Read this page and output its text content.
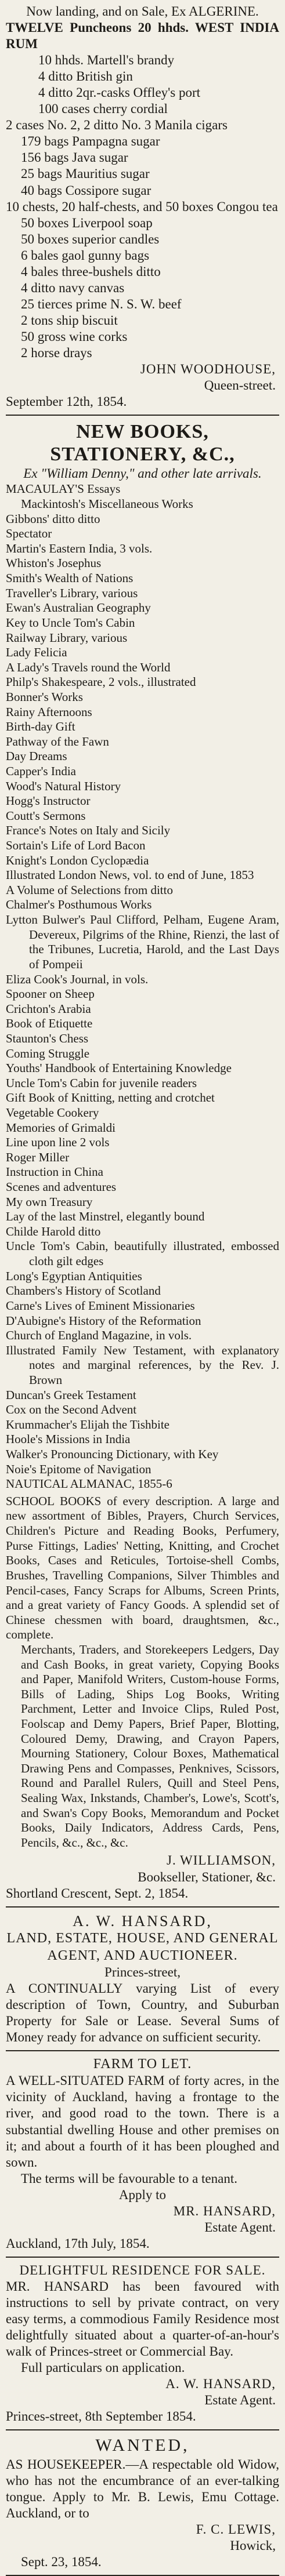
Now landing, and on Sale, Ex ALGERINE.

TWELVE Puncheons 20 hhds. WEST INDIA RUM

10 hhds. Martell's brandy

4 ditto British gin

4 ditto 2qr.-casks Offley's port

100 cases cherry cordial

2 cases No. 2, 2 ditto No. 3 Manila cigars

179 bags Pampagna sugar

156 bags Java sugar

25 bags Mauritius sugar

40 bags Cossipore sugar

10 chests, 20 half-chests, and 50 boxes Congou tea

50 boxes Liverpool soap

50 boxes superior candles

6 bales gaol gunny bags

4 bales three-bushels ditto

4 ditto navy canvas

25 tierces prime N. S. W. beef

2 tons ship biscuit

50 gross wine corks

2 horse drays

JOHN WOODHOUSE,

Queen-street.

September 12th, 1854.

NEW BOOKS, STATIONERY, &C.,

Ex "William Denny," and other late arrivals.

MACAULAY'S Essays

Mackintosh's Miscellaneous Works

Gibbons' ditto ditto

Spectator

Martin's Eastern India, 3 vols.

Whiston's Josephus

Smith's Wealth of Nations

Traveller's Library, various

Ewan's Australian Geography

Key to Uncle Tom's Cabin

Railway Library, various

Lady Felicia

A Lady's Travels round the World

Philp's Shakespeare, 2 vols., illustrated

Bonner's Works

Rainy Afternoons

Birth-day Gift

Pathway of the Fawn

Day Dreams

Capper's India

Wood's Natural History

Hogg's Instructor

Coutt's Sermons

France's Notes on Italy and Sicily

Sortain's Life of Lord Bacon

Knight's London Cyclopædia

Illustrated London News, vol. to end of June, 1853

A Volume of Selections from ditto

Chalmer's Posthumous Works

Lytton Bulwer's Paul Clifford, Pelham, Eugene Aram, Devereux, Pilgrims of the Rhine, Rienzi, the last of the Tribunes, Lucretia, Harold, and the Last Days of Pompeii

Eliza Cook's Journal, in vols.

Spooner on Sheep

Crichton's Arabia

Book of Etiquette

Staunton's Chess

Coming Struggle

Youths' Handbook of Entertaining Knowledge

Uncle Tom's Cabin for juvenile readers

Gift Book of Knitting, netting and crotchet

Vegetable Cookery

Memories of Grimaldi

Line upon line 2 vols

Roger Miller

Instruction in China

Scenes and adventures

My own Treasury

Lay of the last Minstrel, elegantly bound

Childe Harold ditto

Uncle Tom's Cabin, beautifully illustrated, embossed cloth gilt edges

Long's Egyptian Antiquities

Chambers's History of Scotland

Carne's Lives of Eminent Missionaries

D'Aubigne's History of the Reformation

Church of England Magazine, in vols.

Illustrated Family New Testament, with explanatory notes and marginal references, by the Rev. J. Brown

Duncan's Greek Testament

Cox on the Second Advent

Krummacher's Elijah the Tishbite

Hoole's Missions in India

Walker's Pronouncing Dictionary, with Key

Noie's Epitome of Navigation

NAUTICAL ALMANAC, 1855-6

SCHOOL BOOKS of every description. A large and new assortment of Bibles, Prayers, Church Services, Children's Picture and Reading Books, Perfumery, Purse Fittings, Ladies' Netting, Knitting, and Crochet Books, Cases and Reticules, Tortoise-shell Combs, Brushes, Travelling Companions, Silver Thimbles and Pencil-cases, Fancy Scraps for Albums, Screen Prints, and a great variety of Fancy Goods. A splendid set of Chinese chessmen with board, draughtsmen, &c., complete.

Merchants, Traders, and Storekeepers Ledgers, Day and Cash Books, in great variety, Copying Books and Paper, Manifold Writers, Custom-house Forms, Bills of Lading, Ships Log Books, Writing Parchment, Letter and Invoice Clips, Ruled Post, Foolscap and Demy Papers, Brief Paper, Blotting, Coloured Demy, Drawing, and Crayon Papers, Mourning Stationery, Colour Boxes, Mathematical Drawing Pens and Compasses, Penknives, Scissors, Round and Parallel Rulers, Quill and Steel Pens, Sealing Wax, Inkstands, Chamber's, Lowe's, Scott's, and Swan's Copy Books, Memorandum and Pocket Books, Daily Indicators, Address Cards, Pens, Pencils, &c., &c., &c.

J. WILLIAMSON,

Bookseller, Stationer, &c.

Shortland Crescent, Sept. 2, 1854.

A. W. HANSARD,

LAND, ESTATE, HOUSE, AND GENERAL

AGENT, AND AUCTIONEER.

Princes-street,

A CONTINUALLY varying List of every description of Town, Country, and Suburban Property for Sale or Lease. Several Sums of Money ready for advance on sufficient security.

FARM TO LET.

A WELL-SITUATED FARM of forty acres, in the vicinity of Auckland, having a frontage to the river, and good road to the town. There is a substantial dwelling House and other premises on it; and about a fourth of it has been ploughed and sown.

The terms will be favourable to a tenant.

Apply to

MR. HANSARD,

Estate Agent.

Auckland, 17th July, 1854.

DELIGHTFUL RESIDENCE FOR SALE.

MR. HANSARD has been favoured with instructions to sell by private contract, on very easy terms, a commodious Family Residence most delightfully situated about a quarter-of-an-hour's walk of Princes-street or Commercial Bay.

Full particulars on application.

A. W. HANSARD,

Estate Agent.

Princes-street, 8th September 1854.

WANTED,

AS HOUSEKEEPER.—A respectable old Widow, who has not the encumbrance of an ever-talking tongue. Apply to Mr. B. Lewis, Emu Cottage. Auckland, or to

F. C. LEWIS,

Howick,

Sept. 23, 1854.
